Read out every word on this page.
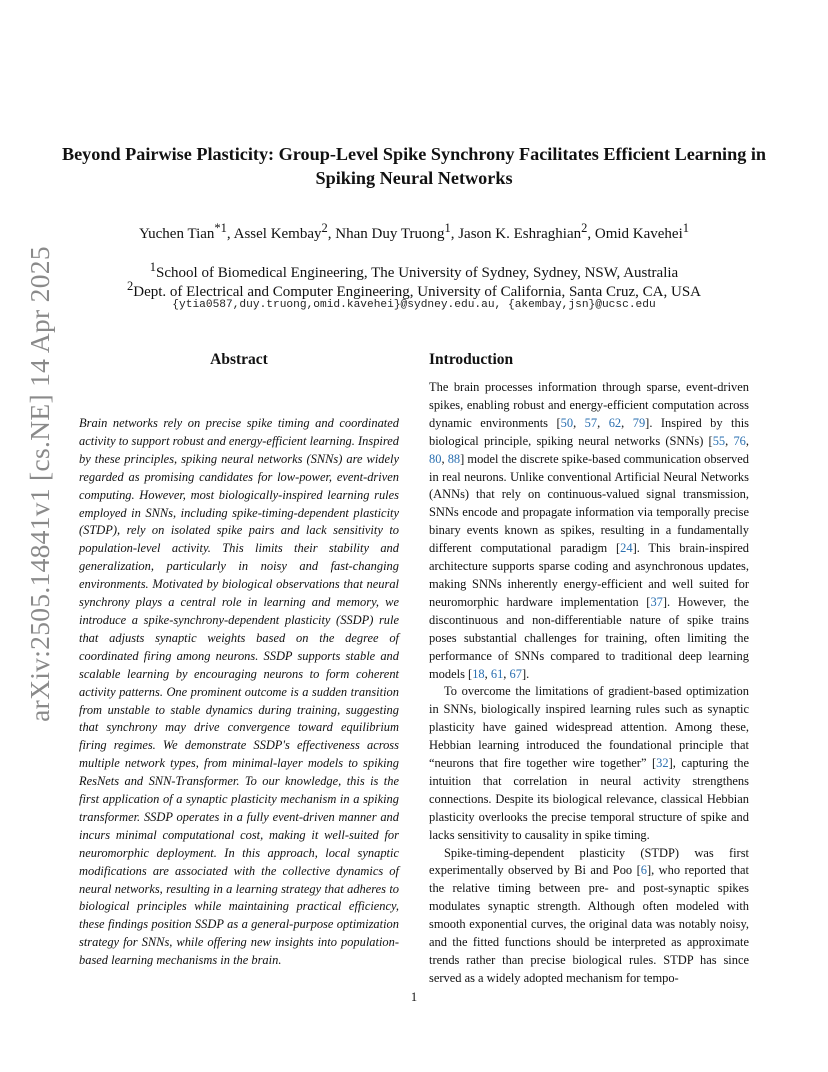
arXiv:2505.14841v1 [cs.NE] 14 Apr 2025
Beyond Pairwise Plasticity: Group-Level Spike Synchrony Facilitates Efficient Learning in Spiking Neural Networks
Yuchen Tian$^{*1}$, Assel Kembay$^2$, Nhan Duy Truong$^1$, Jason K. Eshraghian$^2$, Omid Kavehei$^1$
$^1$School of Biomedical Engineering, The University of Sydney, Sydney, NSW, Australia
$^2$Dept. of Electrical and Computer Engineering, University of California, Santa Cruz, CA, USA
{ytia0587,duy.truong,omid.kavehei}@sydney.edu.au, {akembay,jsn}@ucsc.edu
Abstract
Brain networks rely on precise spike timing and coordinated activity to support robust and energy-efficient learning. Inspired by these principles, spiking neural networks (SNNs) are widely regarded as promising candidates for low-power, event-driven computing. However, most biologically-inspired learning rules employed in SNNs, including spike-timing-dependent plasticity (STDP), rely on isolated spike pairs and lack sensitivity to population-level activity. This limits their stability and generalization, particularly in noisy and fast-changing environments. Motivated by biological observations that neural synchrony plays a central role in learning and memory, we introduce a spike-synchrony-dependent plasticity (SSDP) rule that adjusts synaptic weights based on the degree of coordinated firing among neurons. SSDP supports stable and scalable learning by encouraging neurons to form coherent activity patterns. One prominent outcome is a sudden transition from unstable to stable dynamics during training, suggesting that synchrony may drive convergence toward equilibrium firing regimes. We demonstrate SSDP's effectiveness across multiple network types, from minimal-layer models to spiking ResNets and SNN-Transformer. To our knowledge, this is the first application of a synaptic plasticity mechanism in a spiking transformer. SSDP operates in a fully event-driven manner and incurs minimal computational cost, making it well-suited for neuromorphic deployment. In this approach, local synaptic modifications are associated with the collective dynamics of neural networks, resulting in a learning strategy that adheres to biological principles while maintaining practical efficiency, these findings position SSDP as a general-purpose optimization strategy for SNNs, while offering new insights into population-based learning mechanisms in the brain.
Introduction

The brain processes information through sparse, event-driven spikes, enabling robust and energy-efficient computation across dynamic environments [50, 57, 62, 79]. Inspired by this biological principle, spiking neural networks (SNNs) [55, 76, 80, 88] model the discrete spike-based communication observed in real neurons. Unlike conventional Artificial Neural Networks (ANNs) that rely on continuous-valued signal transmission, SNNs encode and propagate information via temporally precise binary events known as spikes, resulting in a fundamentally different computational paradigm [24]. This brain-inspired architecture supports sparse coding and asynchronous updates, making SNNs inherently energy-efficient and well suited for neuromorphic hardware implementation [37]. However, the discontinuous and non-differentiable nature of spike trains poses substantial challenges for training, often limiting the performance of SNNs compared to traditional deep learning models [18, 61, 67].

To overcome the limitations of gradient-based optimization in SNNs, biologically inspired learning rules such as synaptic plasticity have gained widespread attention. Among these, Hebbian learning introduced the foundational principle that “neurons that fire together wire together” [32], capturing the intuition that correlation in neural activity strengthens connections. Despite its biological relevance, classical Hebbian plasticity overlooks the precise temporal structure of spike and lacks sensitivity to causality in spike timing.

Spike-timing-dependent plasticity (STDP) was first experimentally observed by Bi and Poo [6], who reported that the relative timing between pre- and post-synaptic spikes modulates synaptic strength. Although often modeled with smooth exponential curves, the original data was notably noisy, and the fitted functions should be interpreted as approximate trends rather than precise biological rules. STDP has since served as a widely adopted mechanism for tempo-

1
